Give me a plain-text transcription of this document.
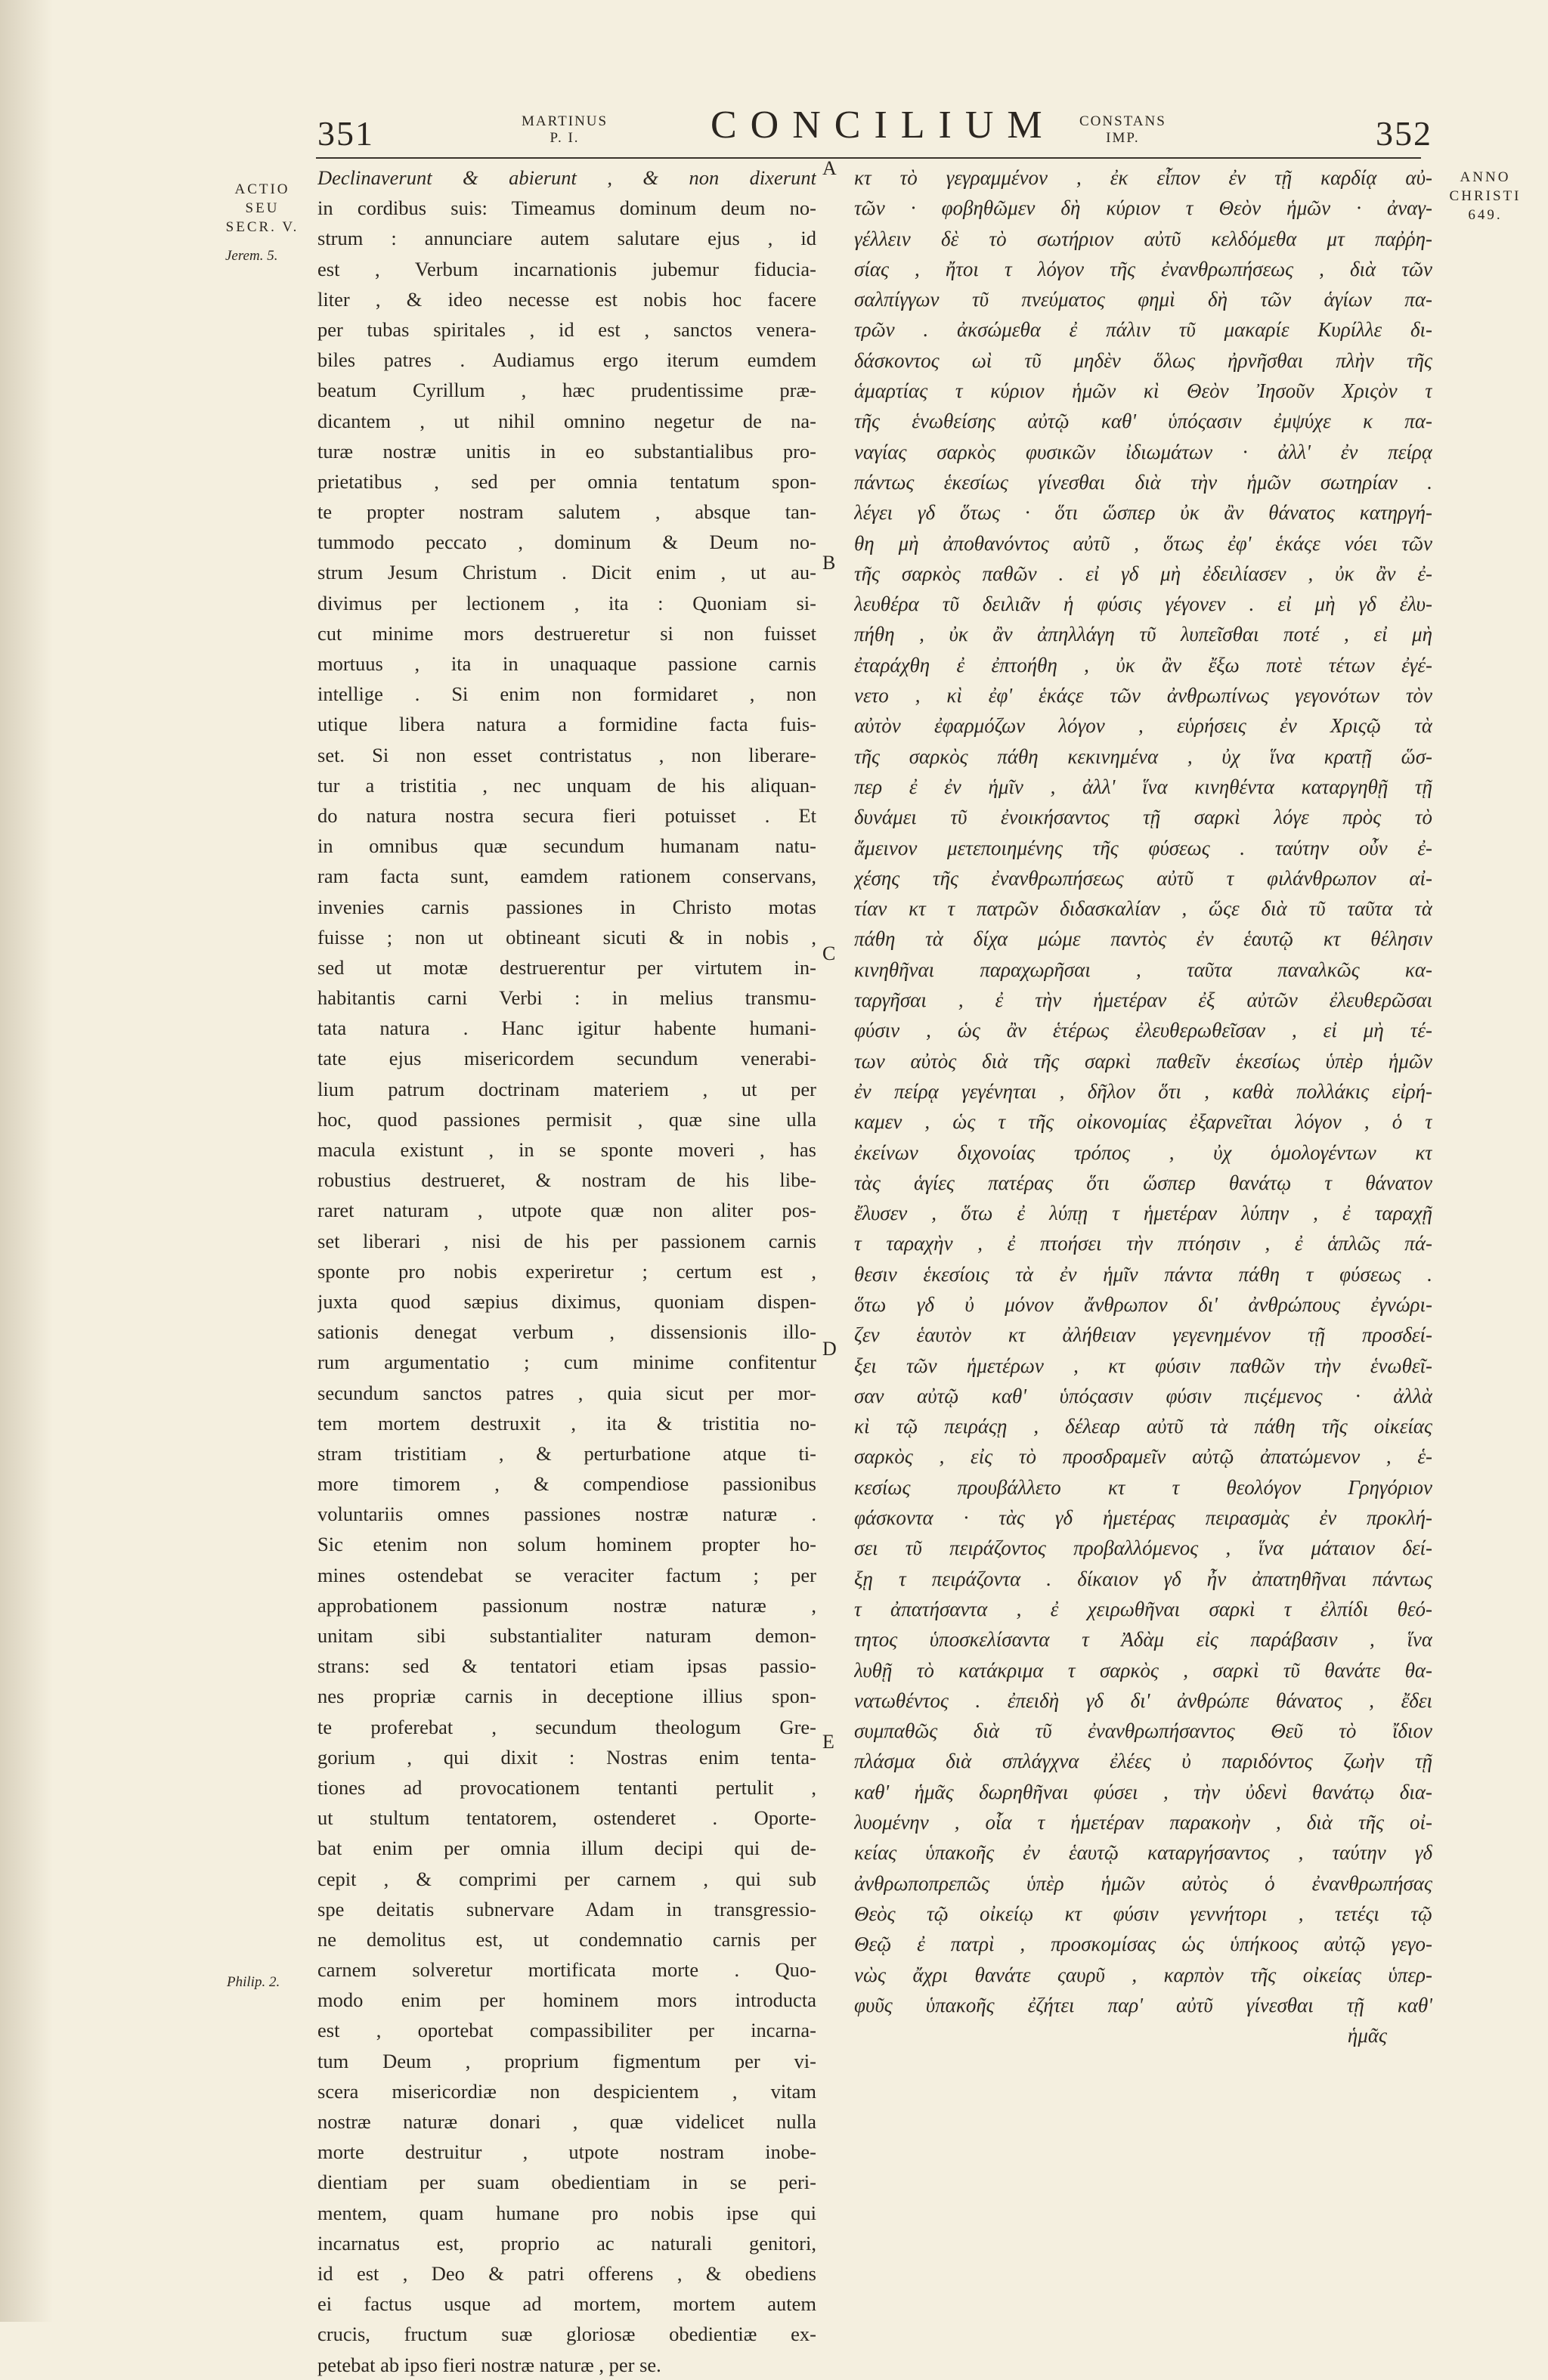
351	MARTINUS
P. I.	CONCILIUM CONSTANS
IMP.	352
ACTIO
SEU
SECR. V.
Jerem. 5.
Philip. 2.
ANNO
CHRISTI
649.
A
B
C
D
E
Declinaverunt & abierunt , & non dixerunt
in cordibus suis: Timeamus dominum deum no-
strum : annunciare autem salutare ejus , id
est , Verbum incarnationis jubemur fiducia-
liter , & ideo necesse est nobis hoc facere
per tubas spiritales , id est , sanctos venera-
biles patres . Audiamus ergo iterum eumdem
beatum Cyrillum , hæc prudentissime præ-
dicantem , ut nihil omnino negetur de na-
turæ nostræ unitis in eo substantialibus pro-
prietatibus , sed per omnia tentatum spon-
te propter nostram salutem , absque tan-
tummodo peccato , dominum & Deum no-
strum Jesum Christum . Dicit enim , ut au-
divimus per lectionem , ita : Quoniam si-
cut minime mors destrueretur si non fuisset
mortuus , ita in unaquaque passione carnis
intellige . Si enim non formidaret , non
utique libera natura a formidine facta fuis-
set. Si non esset contristatus , non liberare-
tur a tristitia , nec unquam de his aliquan-
do natura nostra secura fieri potuisset . Et
in omnibus quæ secundum humanam natu-
ram facta sunt, eamdem rationem conservans,
invenies carnis passiones in Christo motas
fuisse ; non ut obtineant sicuti & in nobis ,
sed ut motæ destruerentur per virtutem in-
habitantis carni Verbi : in melius transmu-
tata natura . Hanc igitur habente humani-
tate ejus misericordem secundum venerabi-
lium patrum doctrinam materiem , ut per
hoc, quod passiones permisit , quæ sine ulla
macula existunt , in se sponte moveri , has
robustius destrueret, & nostram de his libe-
raret naturam , utpote quæ non aliter pos-
set liberari , nisi de his per passionem carnis
sponte pro nobis experiretur ; certum est ,
juxta quod sæpius diximus, quoniam dispen-
sationis denegat verbum , dissensionis illo-
rum argumentatio ; cum minime confitentur
secundum sanctos patres , quia sicut per mor-
tem mortem destruxit , ita & tristitia no-
stram tristitiam , & perturbatione atque ti-
more timorem , & compendiose passionibus
voluntariis omnes passiones nostræ naturæ .
Sic etenim non solum hominem propter ho-
mines ostendebat se veraciter factum ; per
approbationem passionum nostræ naturæ ,
unitam sibi substantialiter naturam demon-
strans: sed & tentatori etiam ipsas passio-
nes propriæ carnis in deceptione illius spon-
te proferebat , secundum theologum Gre-
gorium , qui dixit : Nostras enim tenta-
tiones ad provocationem tentanti pertulit ,
ut stultum tentatorem, ostenderet . Oporte-
bat enim per omnia illum decipi qui de-
cepit , & comprimi per carnem , qui sub
spe deitatis subnervare Adam in transgressio-
ne demolitus est, ut condemnatio carnis per
carnem solveretur mortificata morte . Quo-
modo enim per hominem mors introducta
est , oportebat compassibiliter per incarna-
tum Deum , proprium figmentum per vi-
scera misericordiæ non despicientem , vitam
nostræ naturæ donari , quæ videlicet nulla
morte destruitur , utpote nostram inobe-
dientiam per suam obedientiam in se peri-
mentem, quam humane pro nobis ipse qui
incarnatus est, proprio ac naturali genitori,
id est , Deo & patri offerens , & obediens
ei factus usque ad mortem, mortem autem
crucis, fructum suæ gloriosæ obedientiæ ex-
petebat ab ipso fieri nostræ naturæ , per se.
κτ τὸ γεγραμμένον , ἐκ εἶπον ἐν τῇ καρδίᾳ αὐ-
τῶν · φοβηθῶμεν δὴ κύριον τ Θεὸν ἡμῶν · ἀναγ-
γέλλειν δὲ τὸ σωτήριον αὐτῦ κελδόμεθα μτ παῤῥη-
σίας , ἤτοι τ λόγον τῆς ἐνανθρωπήσεως , διὰ τῶν
σαλπίγγων τῦ πνεύματος φημὶ δὴ τῶν ἁγίων πα-
τρῶν . ἀκσώμεθα ἐ πάλιν τῦ μακαρίε Κυρίλλε δι-
δάσκοντος ωὶ τῦ μηδὲν ὅλως ἠρνῆσθαι πλὴν τῆς
ἁμαρτίας τ κύριον ἡμῶν κὶ Θεὸν Ἰησοῦν Χριςὸν τ
τῆς ἑνωθείσης αὐτῷ καθ' ὑπόςασιν ἐμψύχε κ πα-
ναγίας σαρκὸς φυσικῶν ἰδιωμάτων · ἀλλ' ἐν πείρᾳ
πάντως ἑκεσίως γίνεσθαι διὰ τὴν ἡμῶν σωτηρίαν .
λέγει γδ ὅτως · ὅτι ὥσπερ ὐκ ἂν θάνατος κατηργή-
θη μὴ ἀποθανόντος αὐτῦ , ὅτως ἐφ' ἑκάςε νόει τῶν
τῆς σαρκὸς παθῶν . εἰ γδ μὴ ἐδειλίασεν , ὐκ ἂν ἐ-
λευθέρα τῦ δειλιᾶν ἡ φύσις γέγονεν . εἰ μὴ γδ ἐλυ-
πήθη , ὐκ ἂν ἀπηλλάγη τῦ λυπεῖσθαι ποτέ , εἰ μὴ
ἐταράχθη ἐ ἐπτοήθη , ὐκ ἂν ἔξω ποτὲ τέτων ἐγέ-
νετο , κὶ ἐφ' ἑκάςε τῶν ἀνθρωπίνως γεγονότων τὸν
αὐτὸν ἐφαρμόζων λόγον , εὑρήσεις ἐν Χριςῷ τὰ
τῆς σαρκὸς πάθη κεκινημένα , ὐχ ἵνα κρατῇ ὥσ-
περ ἐ ἐν ἡμῖν , ἀλλ' ἵνα κινηθέντα καταργηθῇ τῇ
δυνάμει τῦ ἐνοικήσαντος τῇ σαρκὶ λόγε πρὸς τὸ
ἄμεινον μετεποιημένης τῆς φύσεως . ταύτην οὖν ἐ-
χέσης τῆς ἐνανθρωπήσεως αὐτῦ τ φιλάνθρωπον αἰ-
τίαν κτ τ πατρῶν διδασκαλίαν , ὥςε διὰ τῦ ταῦτα τὰ
πάθη τὰ δίχα μώμε παντὸς ἐν ἑαυτῷ κτ θέλησιν
κινηθῆναι παραχωρῆσαι , ταῦτα παναλκῶς κα-
ταργῆσαι , ἐ τὴν ἡμετέραν ἐξ αὐτῶν ἐλευθερῶσαι
φύσιν , ὡς ἂν ἑτέρως ἐλευθερωθεῖσαν , εἰ μὴ τέ-
των αὐτὸς διὰ τῆς σαρκὶ παθεῖν ἑκεσίως ὑπὲρ ἡμῶν
ἐν πείρᾳ γεγένηται , δῆλον ὅτι , καθὰ πολλάκις εἰρή-
καμεν , ὡς τ τῆς οἰκονομίας ἐξαρνεῖται λόγον , ὁ τ
ἐκείνων διχονοίας τρόπος , ὐχ ὁμολογέντων κτ
τὰς ἁγίες πατέρας ὅτι ὥσπερ θανάτῳ τ θάνατον
ἔλυσεν , ὅτω ἐ λύπῃ τ ἡμετέραν λύπην , ἐ ταραχῇ
τ ταραχὴν , ἐ πτοήσει τὴν πτόησιν , ἐ ἁπλῶς πά-
θεσιν ἑκεσίοις τὰ ἐν ἡμῖν πάντα πάθη τ φύσεως .
ὅτω γδ ὐ μόνον ἄνθρωπον δι' ἀνθρώπους ἐγνώρι-
ζεν ἑαυτὸν κτ ἀλήθειαν γεγενημένον τῇ προσδεί-
ξει τῶν ἡμετέρων , κτ φύσιν παθῶν τὴν ἑνωθεῖ-
σαν αὐτῷ καθ' ὑπόςασιν φύσιν πιςέμενος · ἀλλὰ
κὶ τῷ πειράςῃ , δέλεαρ αὐτῦ τὰ πάθη τῆς οἰκείας
σαρκὸς , εἰς τὸ προσδραμεῖν αὐτῷ ἀπατώμενον , ἑ-
κεσίως προυβάλλετο κτ τ θεολόγον Γρηγόριον
φάσκοντα · τὰς γδ ἡμετέρας πειρασμὰς ἐν προκλή-
σει τῦ πειράζοντος προβαλλόμενος , ἵνα μάταιον δεί-
ξῃ τ πειράζοντα . δίκαιον γδ ἦν ἀπατηθῆναι πάντως
τ ἀπατήσαντα , ἐ χειρωθῆναι σαρκὶ τ ἐλπίδι θεό-
τητος ὑποσκελίσαντα τ Ἀδὰμ εἰς παράβασιν , ἵνα
λυθῇ τὸ κατάκριμα τ σαρκὸς , σαρκὶ τῦ θανάτε θα-
νατωθέντος . ἐπειδὴ γδ δι' ἀνθρώπε θάνατος , ἔδει
συμπαθῶς διὰ τῦ ἐνανθρωπήσαντος Θεῦ τὸ ἴδιον
πλάσμα διὰ σπλάγχνα ἐλέες ὐ παριδόντος ζωὴν τῇ
καθ' ἡμᾶς δωρηθῆναι φύσει , τὴν ὐδενὶ θανάτῳ δια-
λυομένην , οἷα τ ἡμετέραν παρακοὴν , διὰ τῆς οἰ-
κείας ὑπακοῆς ἐν ἑαυτῷ καταργήσαντος , ταύτην γδ
ἀνθρωποπρεπῶς ὑπὲρ ἡμῶν αὐτὸς ὁ ἐνανθρωπήσας
Θεὸς τῷ οἰκείῳ κτ φύσιν γεννήτορι , τετέςι τῷ
Θεῷ ἐ πατρὶ , προσκομίσας ὡς ὑπήκοος αὐτῷ γεγο-
νὼς ἄχρι θανάτε ςαυρῦ , καρπὸν τῆς οἰκείας ὑπερ-
φυῦς ὑπακοῆς ἐζήτει παρ' αὐτῦ γίνεσθαι τῇ καθ'
ἡμᾶς
